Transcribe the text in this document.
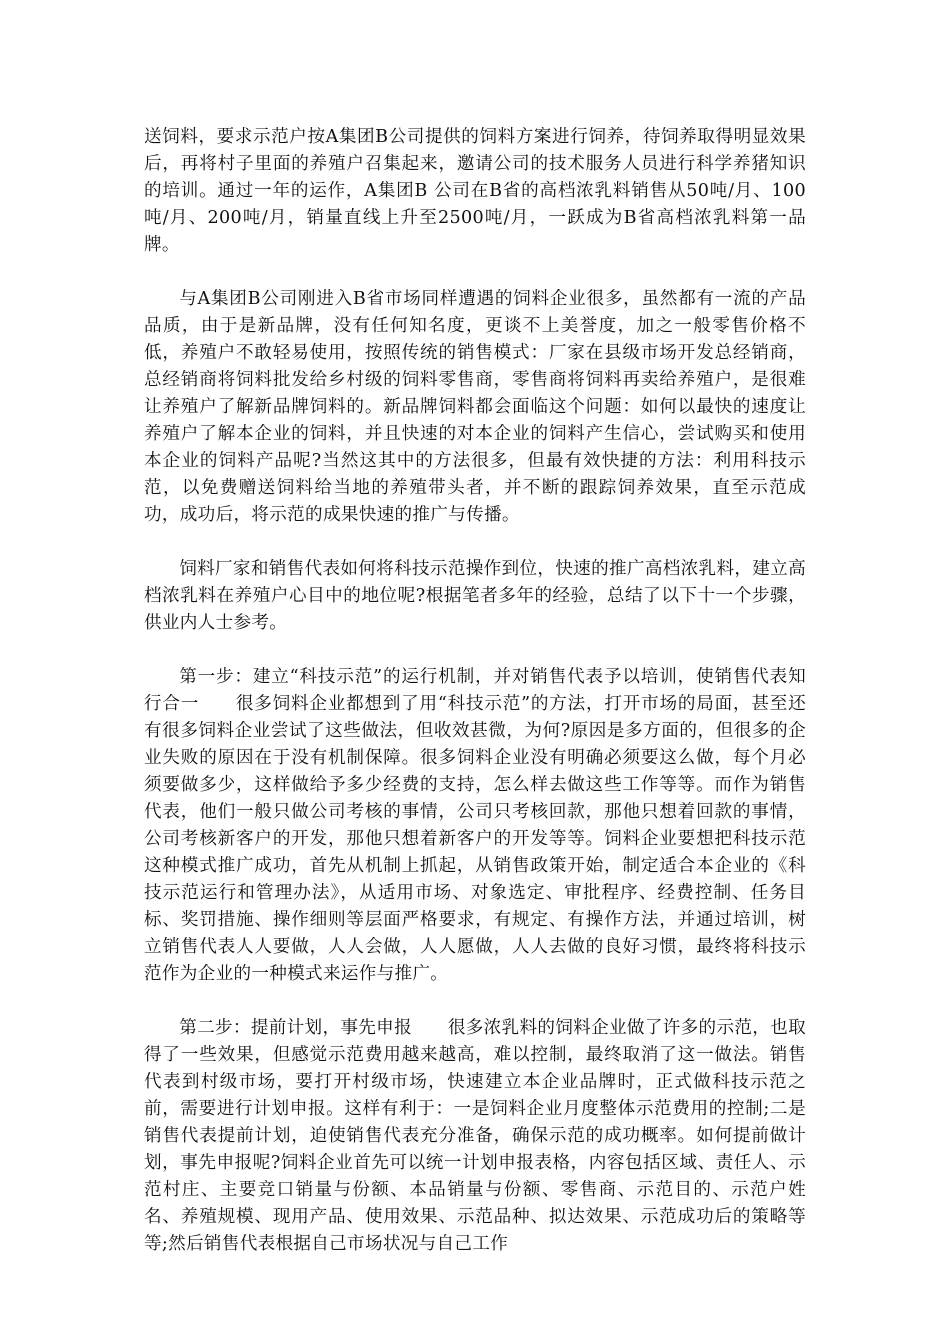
送饲料，要求示范户按A集团B公司提供的饲料方案进行饲养，待饲养取得明显效果后，再将村子里面的养殖户召集起来，邀请公司的技术服务人员进行科学养猪知识的培训。通过一年的运作，A集团B 公司在B省的高档浓乳料销售从50吨/月、100吨/月、200吨/月，销量直线上升至2500吨/月，一跃成为B省高档浓乳料第一品牌。

与A集团B公司刚进入B省市场同样遭遇的饲料企业很多，虽然都有一流的产品品质，由于是新品牌，没有任何知名度，更谈不上美誉度，加之一般零售价格不低，养殖户不敢轻易使用，按照传统的销售模式：厂家在县级市场开发总经销商，总经销商将饲料批发给乡村级的饲料零售商，零售商将饲料再卖给养殖户，是很难让养殖户了解新品牌饲料的。新品牌饲料都会面临这个问题：如何以最快的速度让养殖户了解本企业的饲料，并且快速的对本企业的饲料产生信心，尝试购买和使用本企业的饲料产品呢?当然这其中的方法很多，但最有效快捷的方法：利用科技示范，以免费赠送饲料给当地的养殖带头者，并不断的跟踪饲养效果，直至示范成功，成功后，将示范的成果快速的推广与传播。

饲料厂家和销售代表如何将科技示范操作到位，快速的推广高档浓乳料，建立高档浓乳料在养殖户心目中的地位呢?根据笔者多年的经验，总结了以下十一个步骤，供业内人士参考。

第一步：建立“科技示范”的运行机制，并对销售代表予以培训，使销售代表知行合一　　很多饲料企业都想到了用“科技示范”的方法，打开市场的局面，甚至还有很多饲料企业尝试了这些做法，但收效甚微，为何?原因是多方面的，但很多的企业失败的原因在于没有机制保障。很多饲料企业没有明确必须要这么做，每个月必须要做多少，这样做给予多少经费的支持，怎么样去做这些工作等等。而作为销售代表，他们一般只做公司考核的事情，公司只考核回款，那他只想着回款的事情，公司考核新客户的开发，那他只想着新客户的开发等等。饲料企业要想把科技示范这种模式推广成功，首先从机制上抓起，从销售政策开始，制定适合本企业的《科技示范运行和管理办法》，从适用市场、对象选定、审批程序、经费控制、任务目标、奖罚措施、操作细则等层面严格要求，有规定、有操作方法，并通过培训，树立销售代表人人要做，人人会做，人人愿做，人人去做的良好习惯，最终将科技示范作为企业的一种模式来运作与推广。

第二步：提前计划，事先申报　　很多浓乳料的饲料企业做了许多的示范，也取得了一些效果，但感觉示范费用越来越高，难以控制，最终取消了这一做法。销售代表到村级市场，要打开村级市场，快速建立本企业品牌时，正式做科技示范之前，需要进行计划申报。这样有利于：一是饲料企业月度整体示范费用的控制;二是销售代表提前计划，迫使销售代表充分准备，确保示范的成功概率。如何提前做计划，事先申报呢?饲料企业首先可以统一计划申报表格，内容包括区域、责任人、示范村庄、主要竞口销量与份额、本品销量与份额、零售商、示范目的、示范户姓名、养殖规模、现用产品、使用效果、示范品种、拟达效果、示范成功后的策略等等;然后销售代表根据自己市场状况与自己工作
